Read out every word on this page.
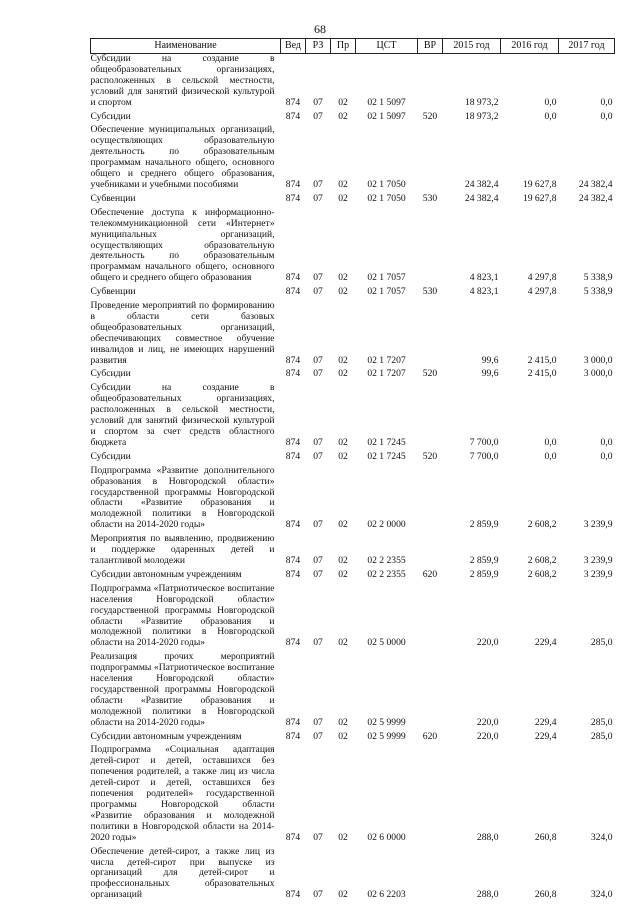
68
Наименование	Вед	РЗ	Пр	ЦСТ	ВР	2015 год	2016 год	2017 год
Субсидии на создание в общеобразовательных организациях, расположенных в сельской местности, условий для занятий физической культурой и спортом	874	07	02	02 1 5097		18 973,2	0,0	0,0
Субсидии	874	07	02	02 1 5097	520	18 973,2	0,0	0,0
Обеспечение муниципальных организаций, осуществляющих образовательную деятельность по образовательным программам начального общего, основного общего и среднего общего образования, учебниками и учебными пособиями	874	07	02	02 1 7050		24 382,4	19 627,8	24 382,4
Субвенции	874	07	02	02 1 7050	530	24 382,4	19 627,8	24 382,4
Обеспечение доступа к информационно-телекоммуникационной сети «Интернет» муниципальных организаций, осуществляющих образовательную деятельность по образовательным программам начального общего, основного общего и среднего общего образования	874	07	02	02 1 7057		4 823,1	4 297,8	5 338,9
Субвенции	874	07	02	02 1 7057	530	4 823,1	4 297,8	5 338,9
Проведение мероприятий по формированию в области сети базовых общеобразовательных организаций, обеспечивающих совместное обучение инвалидов и лиц, не имеющих нарушений развития	874	07	02	02 1 7207		99,6	2 415,0	3 000,0
Субсидии	874	07	02	02 1 7207	520	99,6	2 415,0	3 000,0
Субсидии на создание в общеобразовательных организациях, расположенных в сельской местности, условий для занятий физической культурой и спортом за счет средств областного бюджета	874	07	02	02 1 7245		7 700,0	0,0	0,0
Субсидии	874	07	02	02 1 7245	520	7 700,0	0,0	0,0
Подпрограмма «Развитие дополнительного образования в Новгородской области» государственной программы Новгородской области «Развитие образования и молодежной политики в Новгородской области на 2014-2020 годы»	874	07	02	02 2 0000		2 859,9	2 608,2	3 239,9
Мероприятия по выявлению, продвижению и поддержке одаренных детей и талантливой молодежи	874	07	02	02 2 2355		2 859,9	2 608,2	3 239,9
Субсидии автономным учреждениям	874	07	02	02 2 2355	620	2 859,9	2 608,2	3 239,9
Подпрограмма «Патриотическое воспитание населения Новгородской области» государственной программы Новгородской области «Развитие образования и молодежной политики в Новгородской области на 2014-2020 годы»	874	07	02	02 5 0000		220,0	229,4	285,0
Реализация прочих мероприятий подпрограммы «Патриотическое воспитание населения Новгородской области» государственной программы Новгородской области «Развитие образования и молодежной политики в Новгородской области на 2014-2020 годы»	874	07	02	02 5 9999		220,0	229,4	285,0
Субсидии автономным учреждениям	874	07	02	02 5 9999	620	220,0	229,4	285,0
Подпрограмма «Социальная адаптация детей-сирот и детей, оставшихся без попечения родителей, а также лиц из числа детей-сирот и детей, оставшихся без попечения родителей» государственной программы Новгородской области «Развитие образования и молодежной политики в Новгородской области на 2014-2020 годы»	874	07	02	02 6 0000		288,0	260,8	324,0
Обеспечение детей-сирот, а также лиц из числа детей-сирот при выпуске из организаций для детей-сирот и профессиональных образовательных организаций	874	07	02	02 6 2203		288,0	260,8	324,0
